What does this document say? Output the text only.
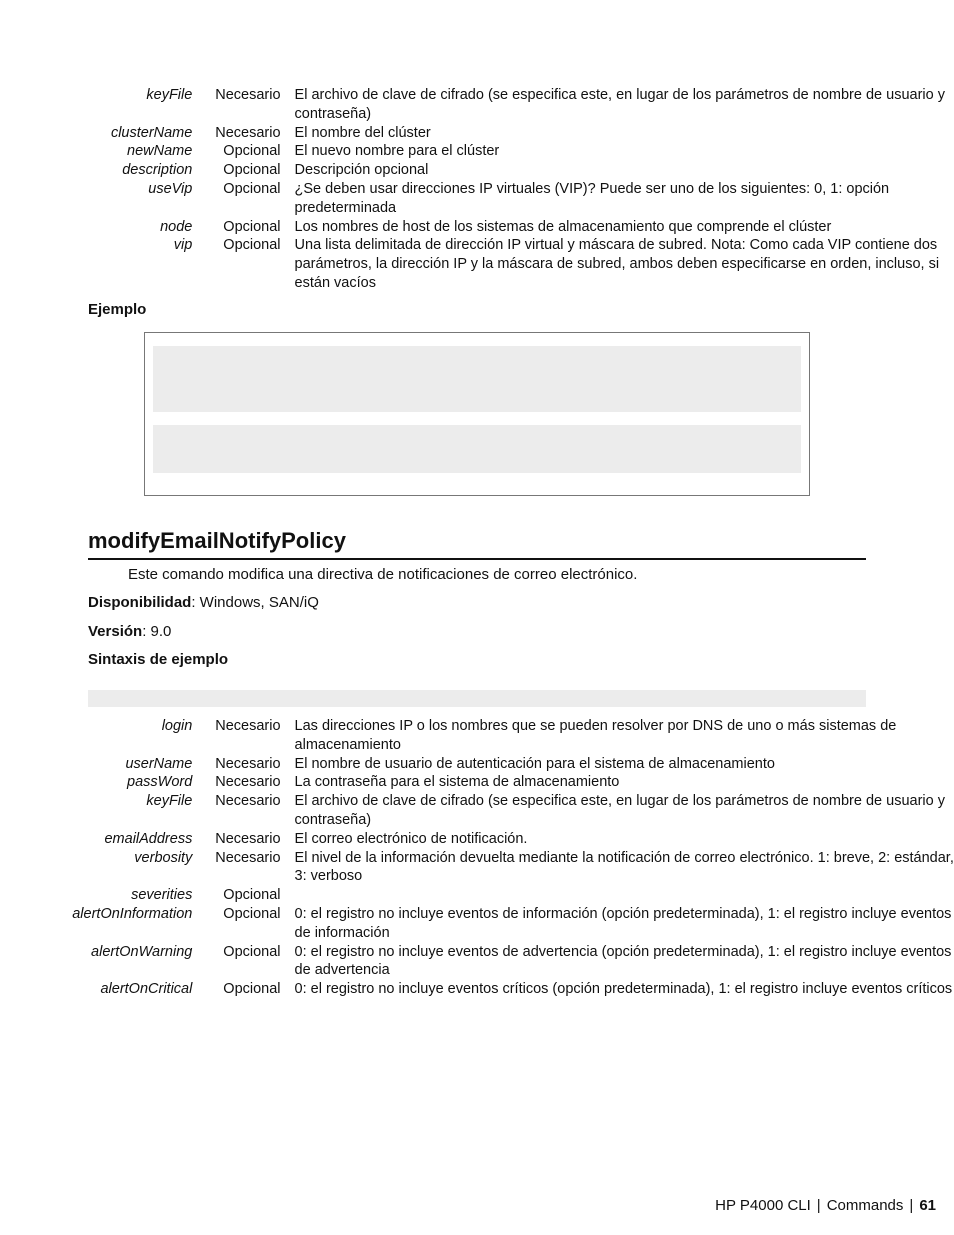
keyFile	Necesario	El archivo de clave de cifrado (se especifica este, en lugar de los parámetros de nombre de usuario y contraseña)
clusterName	Necesario	El nombre del clúster
newName	Opcional	El nuevo nombre para el clúster
description	Opcional	Descripción opcional
useVip	Opcional	¿Se deben usar direcciones IP virtuales (VIP)? Puede ser uno de los siguientes: 0, 1: opción predeterminada
node	Opcional	Los nombres de host de los sistemas de almacenamiento que comprende el clúster
vip	Opcional	Una lista delimitada de dirección IP virtual y máscara de subred. Nota: Como cada VIP contiene dos parámetros, la dirección IP y la máscara de subred, ambos deben especificarse en orden, incluso, si están vacíos
Ejemplo
modifyEmailNotifyPolicy
Este comando modifica una directiva de notificaciones de correo electrónico.
Disponibilidad: Windows, SAN/iQ
Versión: 9.0
Sintaxis de ejemplo
login	Necesario	Las direcciones IP o los nombres que se pueden resolver por DNS de uno o más sistemas de almacenamiento
userName	Necesario	El nombre de usuario de autenticación para el sistema de almacenamiento
passWord	Necesario	La contraseña para el sistema de almacenamiento
keyFile	Necesario	El archivo de clave de cifrado (se especifica este, en lugar de los parámetros de nombre de usuario y contraseña)
emailAddress	Necesario	El correo electrónico de notificación.
verbosity	Necesario	El nivel de la información devuelta mediante la notificación de correo electrónico. 1: breve, 2: estándar, 3: verboso
severities	Opcional	
alertOnInformation	Opcional	0: el registro no incluye eventos de información (opción predeterminada), 1: el registro incluye eventos de información
alertOnWarning	Opcional	0: el registro no incluye eventos de advertencia (opción predeterminada), 1: el registro incluye eventos de advertencia
alertOnCritical	Opcional	0: el registro no incluye eventos críticos (opción predeterminada), 1: el registro incluye eventos críticos
HP P4000 CLI | Commands | 61
